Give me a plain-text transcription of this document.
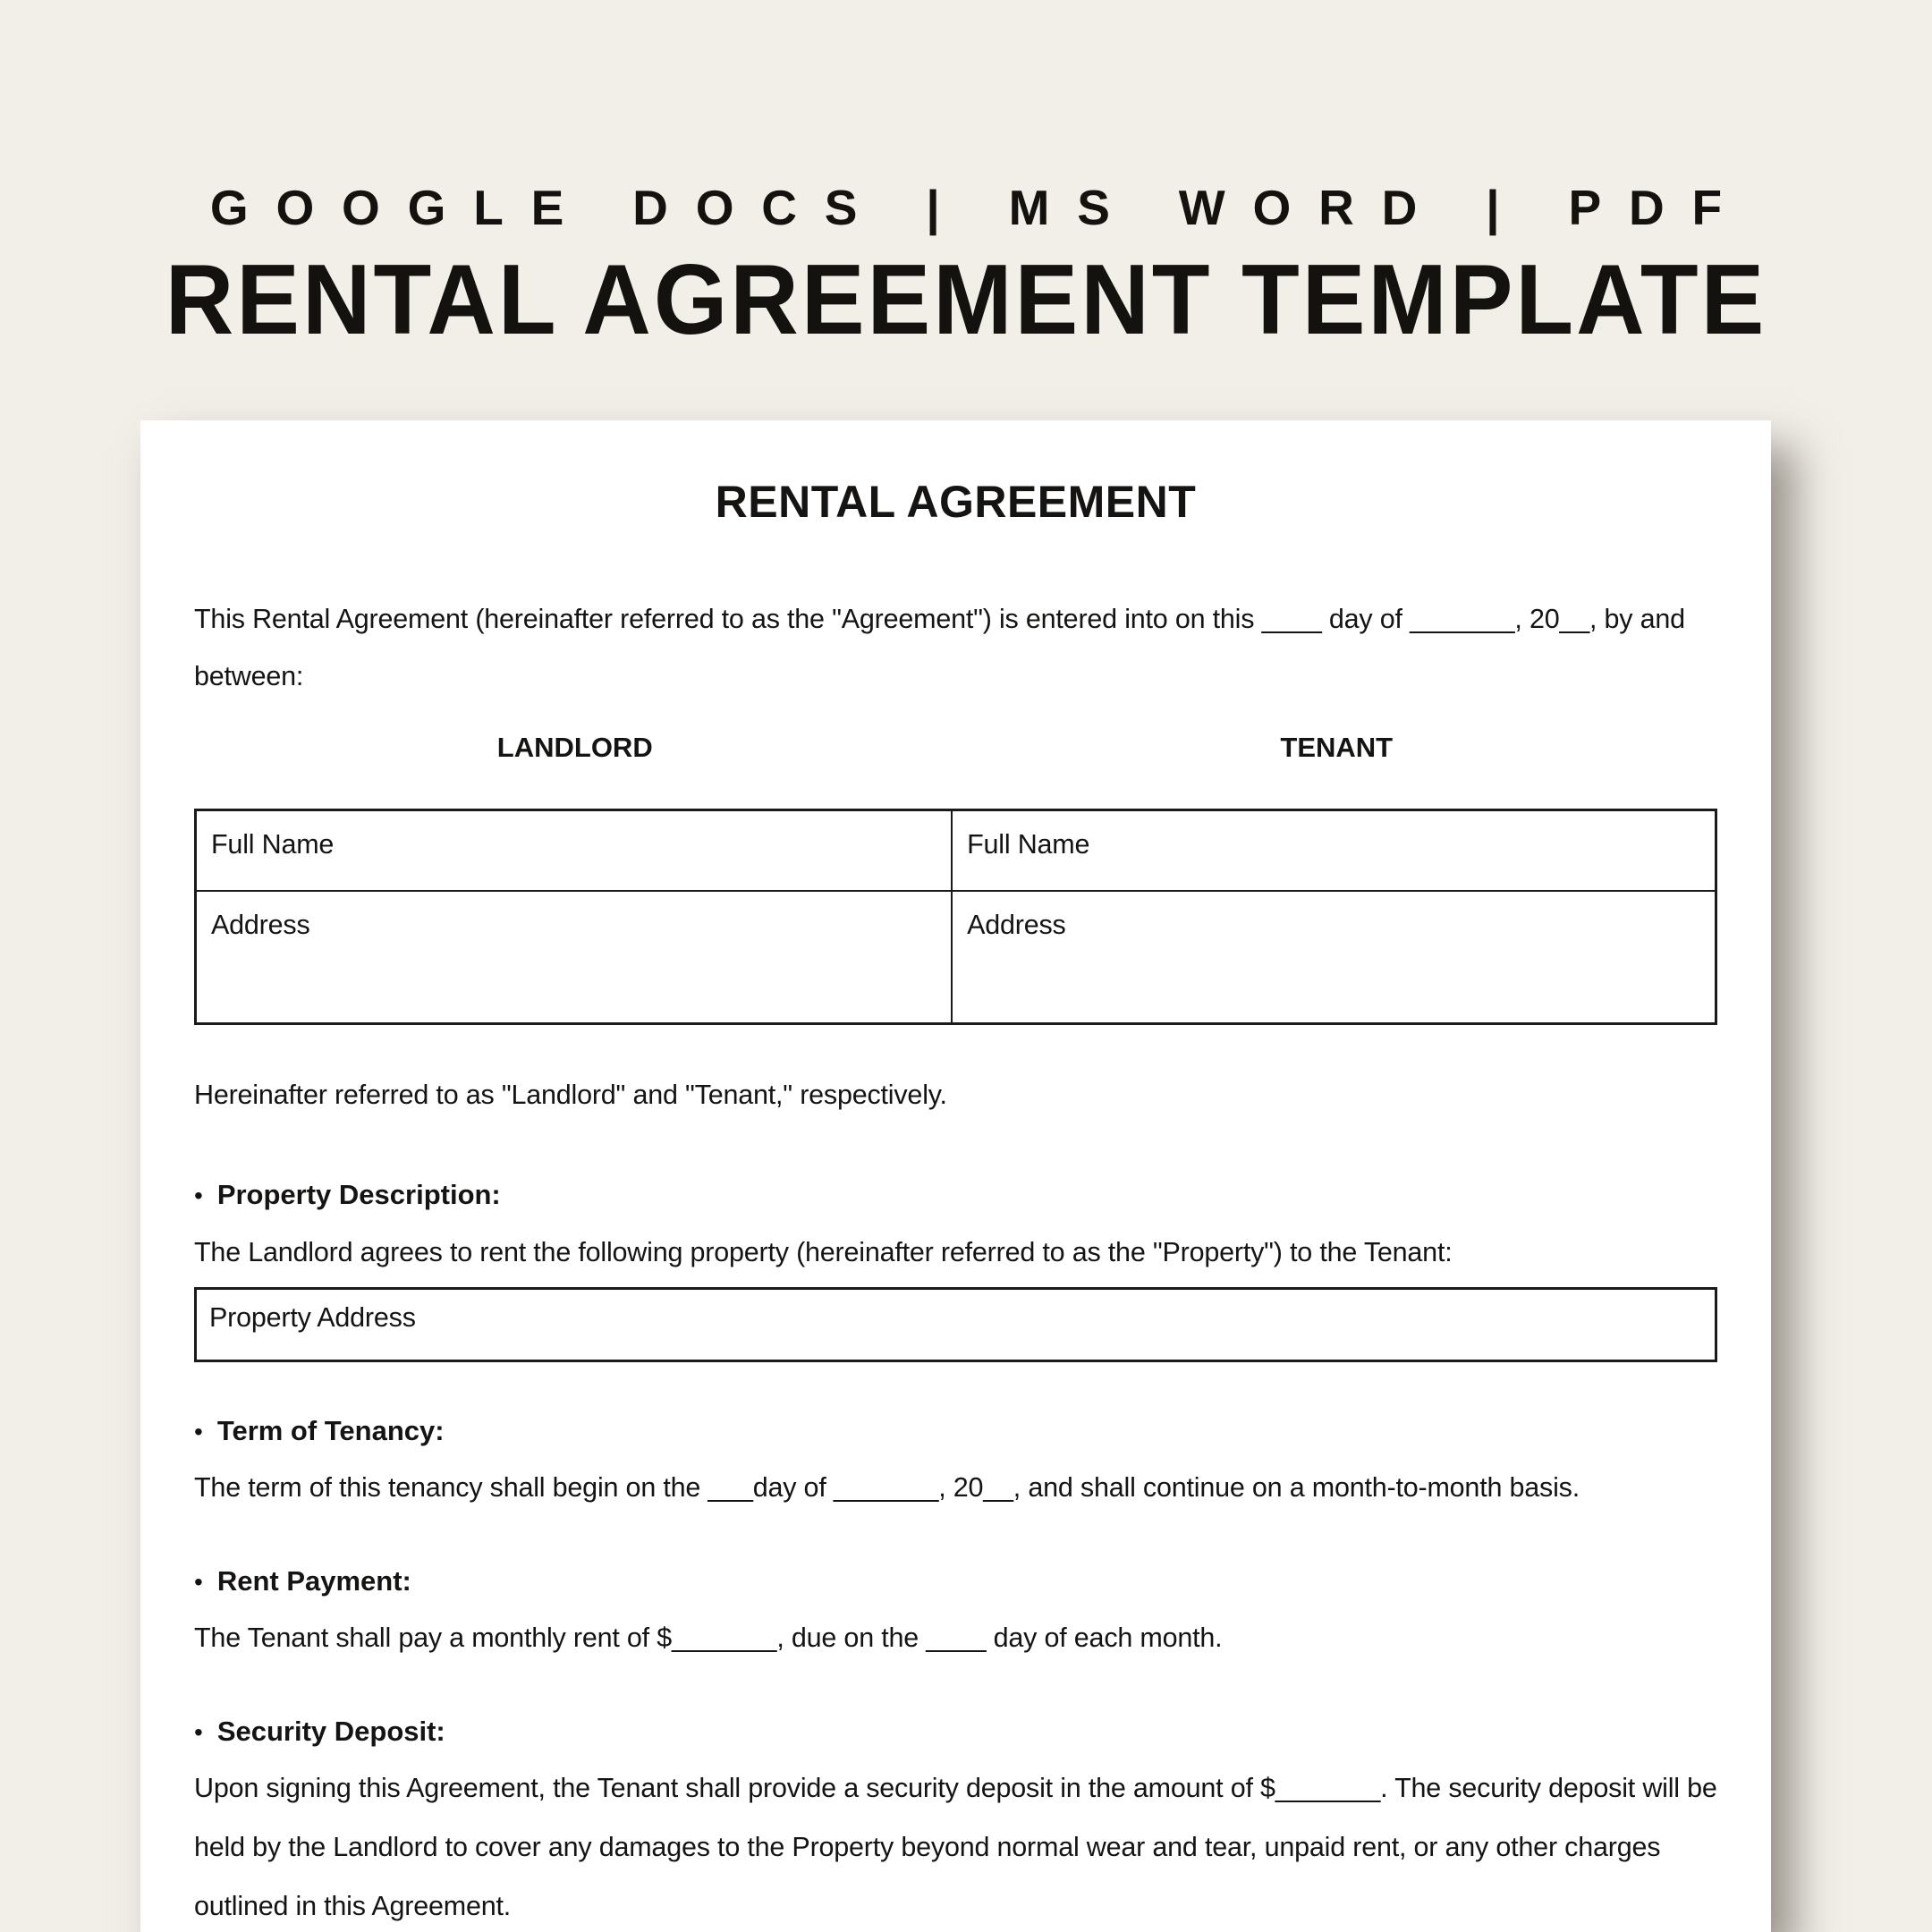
GOOGLE DOCS | MS WORD | PDF
RENTAL AGREEMENT TEMPLATE
RENTAL AGREEMENT

This Rental Agreement (hereinafter referred to as the "Agreement") is entered into on this ____ day of _______, 20__, by and between:

LANDLORD	TENANT
Full Name	Full Name
Address	Address

Hereinafter referred to as "Landlord" and "Tenant," respectively.

• Property Description:

The Landlord agrees to rent the following property (hereinafter referred to as the "Property") to the Tenant:

Property Address
• Term of Tenancy:

The term of this tenancy shall begin on the ___day of _______, 20__, and shall continue on a month-to-month basis.

• Rent Payment:

The Tenant shall pay a monthly rent of $_______, due on the ____ day of each month.

• Security Deposit:

Upon signing this Agreement, the Tenant shall provide a security deposit in the amount of $_______. The security deposit will be held by the Landlord to cover any damages to the Property beyond normal wear and tear, unpaid rent, or any other charges outlined in this Agreement.
